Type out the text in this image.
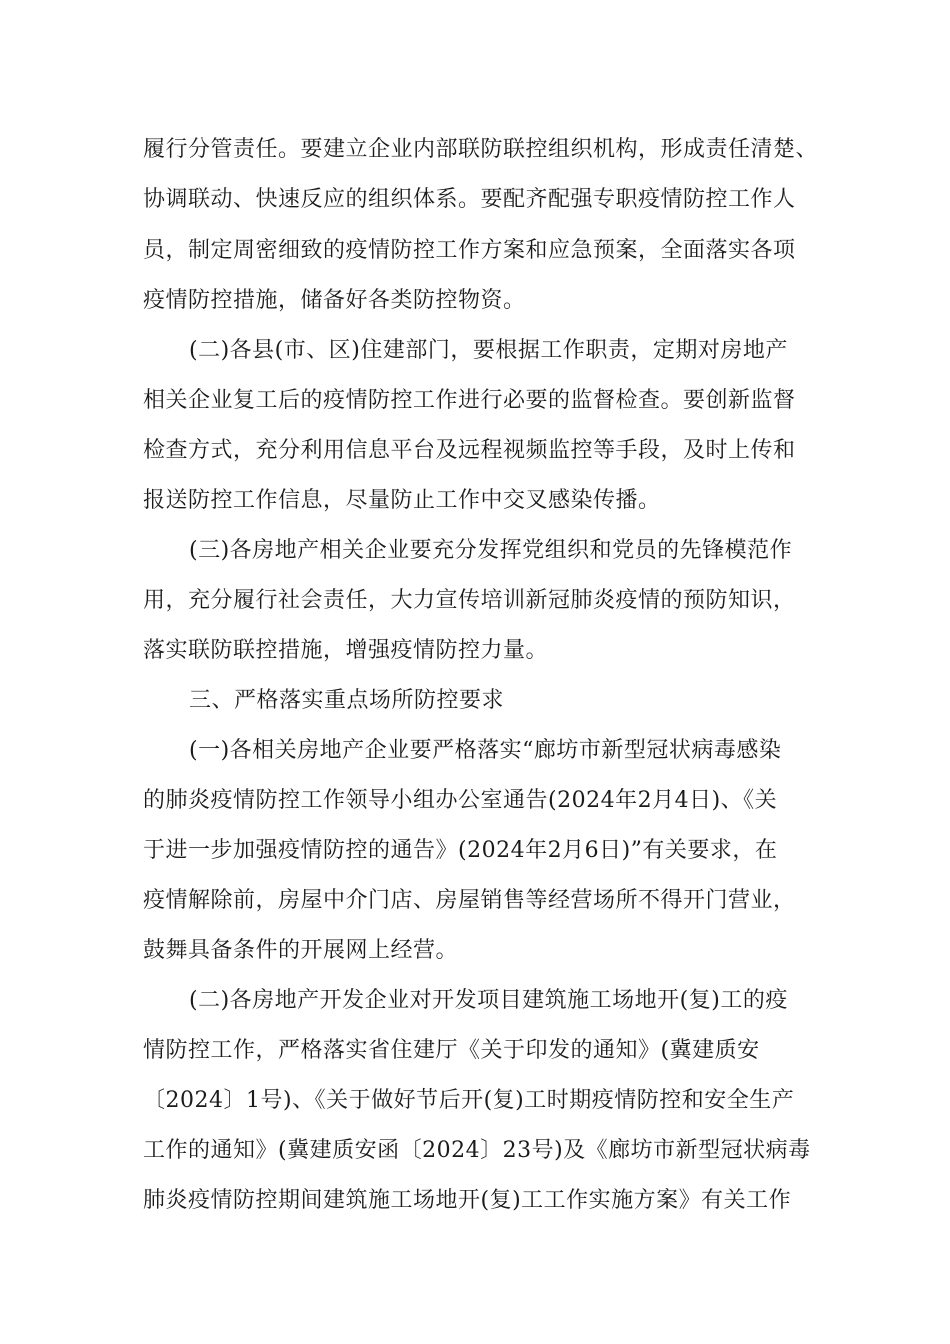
履行分管责任。要建立企业内部联防联控组织机构，形成责任清楚、
协调联动、快速反应的组织体系。要配齐配强专职疫情防控工作人
员，制定周密细致的疫情防控工作方案和应急预案，全面落实各项
疫情防控措施，储备好各类防控物资。
(二)各县(市、区)住建部门，要根据工作职责，定期对房地产
相关企业复工后的疫情防控工作进行必要的监督检查。要创新监督
检查方式，充分利用信息平台及远程视频监控等手段，及时上传和
报送防控工作信息，尽量防止工作中交叉感染传播。
(三)各房地产相关企业要充分发挥党组织和党员的先锋模范作
用，充分履行社会责任，大力宣传培训新冠肺炎疫情的预防知识，
落实联防联控措施，增强疫情防控力量。
三、严格落实重点场所防控要求
(一)各相关房地产企业要严格落实“廊坊市新型冠状病毒感染
的肺炎疫情防控工作领导小组办公室通告(2024年2月4日)、《关
于进一步加强疫情防控的通告》(2024年2月6日)”有关要求，在
疫情解除前，房屋中介门店、房屋销售等经营场所不得开门营业，
鼓舞具备条件的开展网上经营。
(二)各房地产开发企业对开发项目建筑施工场地开(复)工的疫
情防控工作，严格落实省住建厅《关于印发的通知》(冀建质安
〔2024〕1号)、《关于做好节后开(复)工时期疫情防控和安全生产
工作的通知》(冀建质安函〔2024〕23号)及《廊坊市新型冠状病毒
肺炎疫情防控期间建筑施工场地开(复)工工作实施方案》有关工作
